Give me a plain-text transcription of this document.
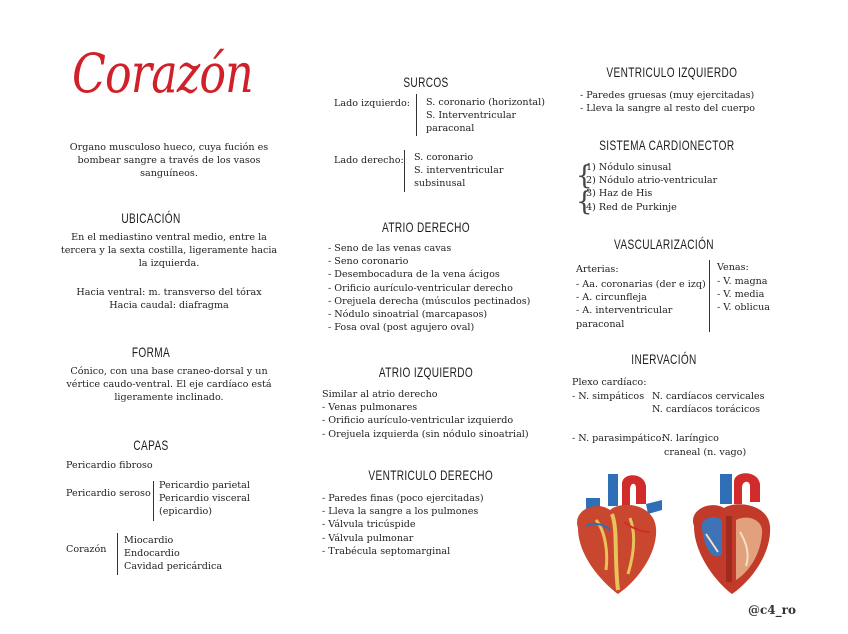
Corazón
Organo musculoso hueco, cuya fución es bombear sangre a través de los vasos sanguíneos.
UBICACIÓN
En el mediastino ventral medio, entre la tercera y la sexta costilla, ligeramente hacia la izquierda.
Hacia ventral: m. transverso del tórax
Hacia caudal: diafragma
FORMA
Cónico, con una base craneo-dorsal y un vértice caudo-ventral. El eje cardíaco está ligeramente inclinado.
CAPAS
Pericardio fibroso
Pericardio seroso
Pericardio parietal
Pericardio visceral
(epicardio)
Corazón
Miocardio
Endocardio
Cavidad pericárdica
SURCOS
Lado izquierdo: S. coronario (horizontal)
S. Interventricular
paraconal
Lado derecho: S. coronario
S. interventricular
subsinusal
ATRIO DERECHO
- Seno de las venas cavas
- Seno coronario
- Desembocadura de la vena ácigos
- Orificio aurículo-ventricular derecho
- Orejuela derecha (músculos pectinados)
- Nódulo sinoatrial (marcapasos)
- Fosa oval (post agujero oval)
ATRIO IZQUIERDO
Similar al atrio derecho
- Venas pulmonares
- Orificio aurículo-ventricular izquierdo
- Orejuela izquierda (sin nódulo sinoatrial)
VENTRICULO DERECHO
- Paredes finas (poco ejercitadas)
- Lleva la sangre a los pulmones
- Válvula tricúspide
- Válvula pulmonar
- Trabécula septomarginal
VENTRICULO IZQUIERDO
- Paredes gruesas (muy ejercitadas)
- Lleva la sangre al resto del cuerpo
SISTEMA CARDIONECTOR
{
{
1) Nódulo sinusal
2) Nódulo atrio-ventricular
3) Haz de His
4) Red de Purkinje
VASCULARIZACIÓN
Arterias:
- Aa. coronarias (der e izq)
- A. circunfleja
- A. interventricular
paraconal
Venas:
- V. magna
- V. media
- V. oblicua
INERVACIÓN
Plexo cardíaco:
- N. simpáticos N. cardíacos cervicales
N. cardíacos torácicos
- N. parasimpático:
N. laríngico
craneal (n. vago)
@c4_ro
